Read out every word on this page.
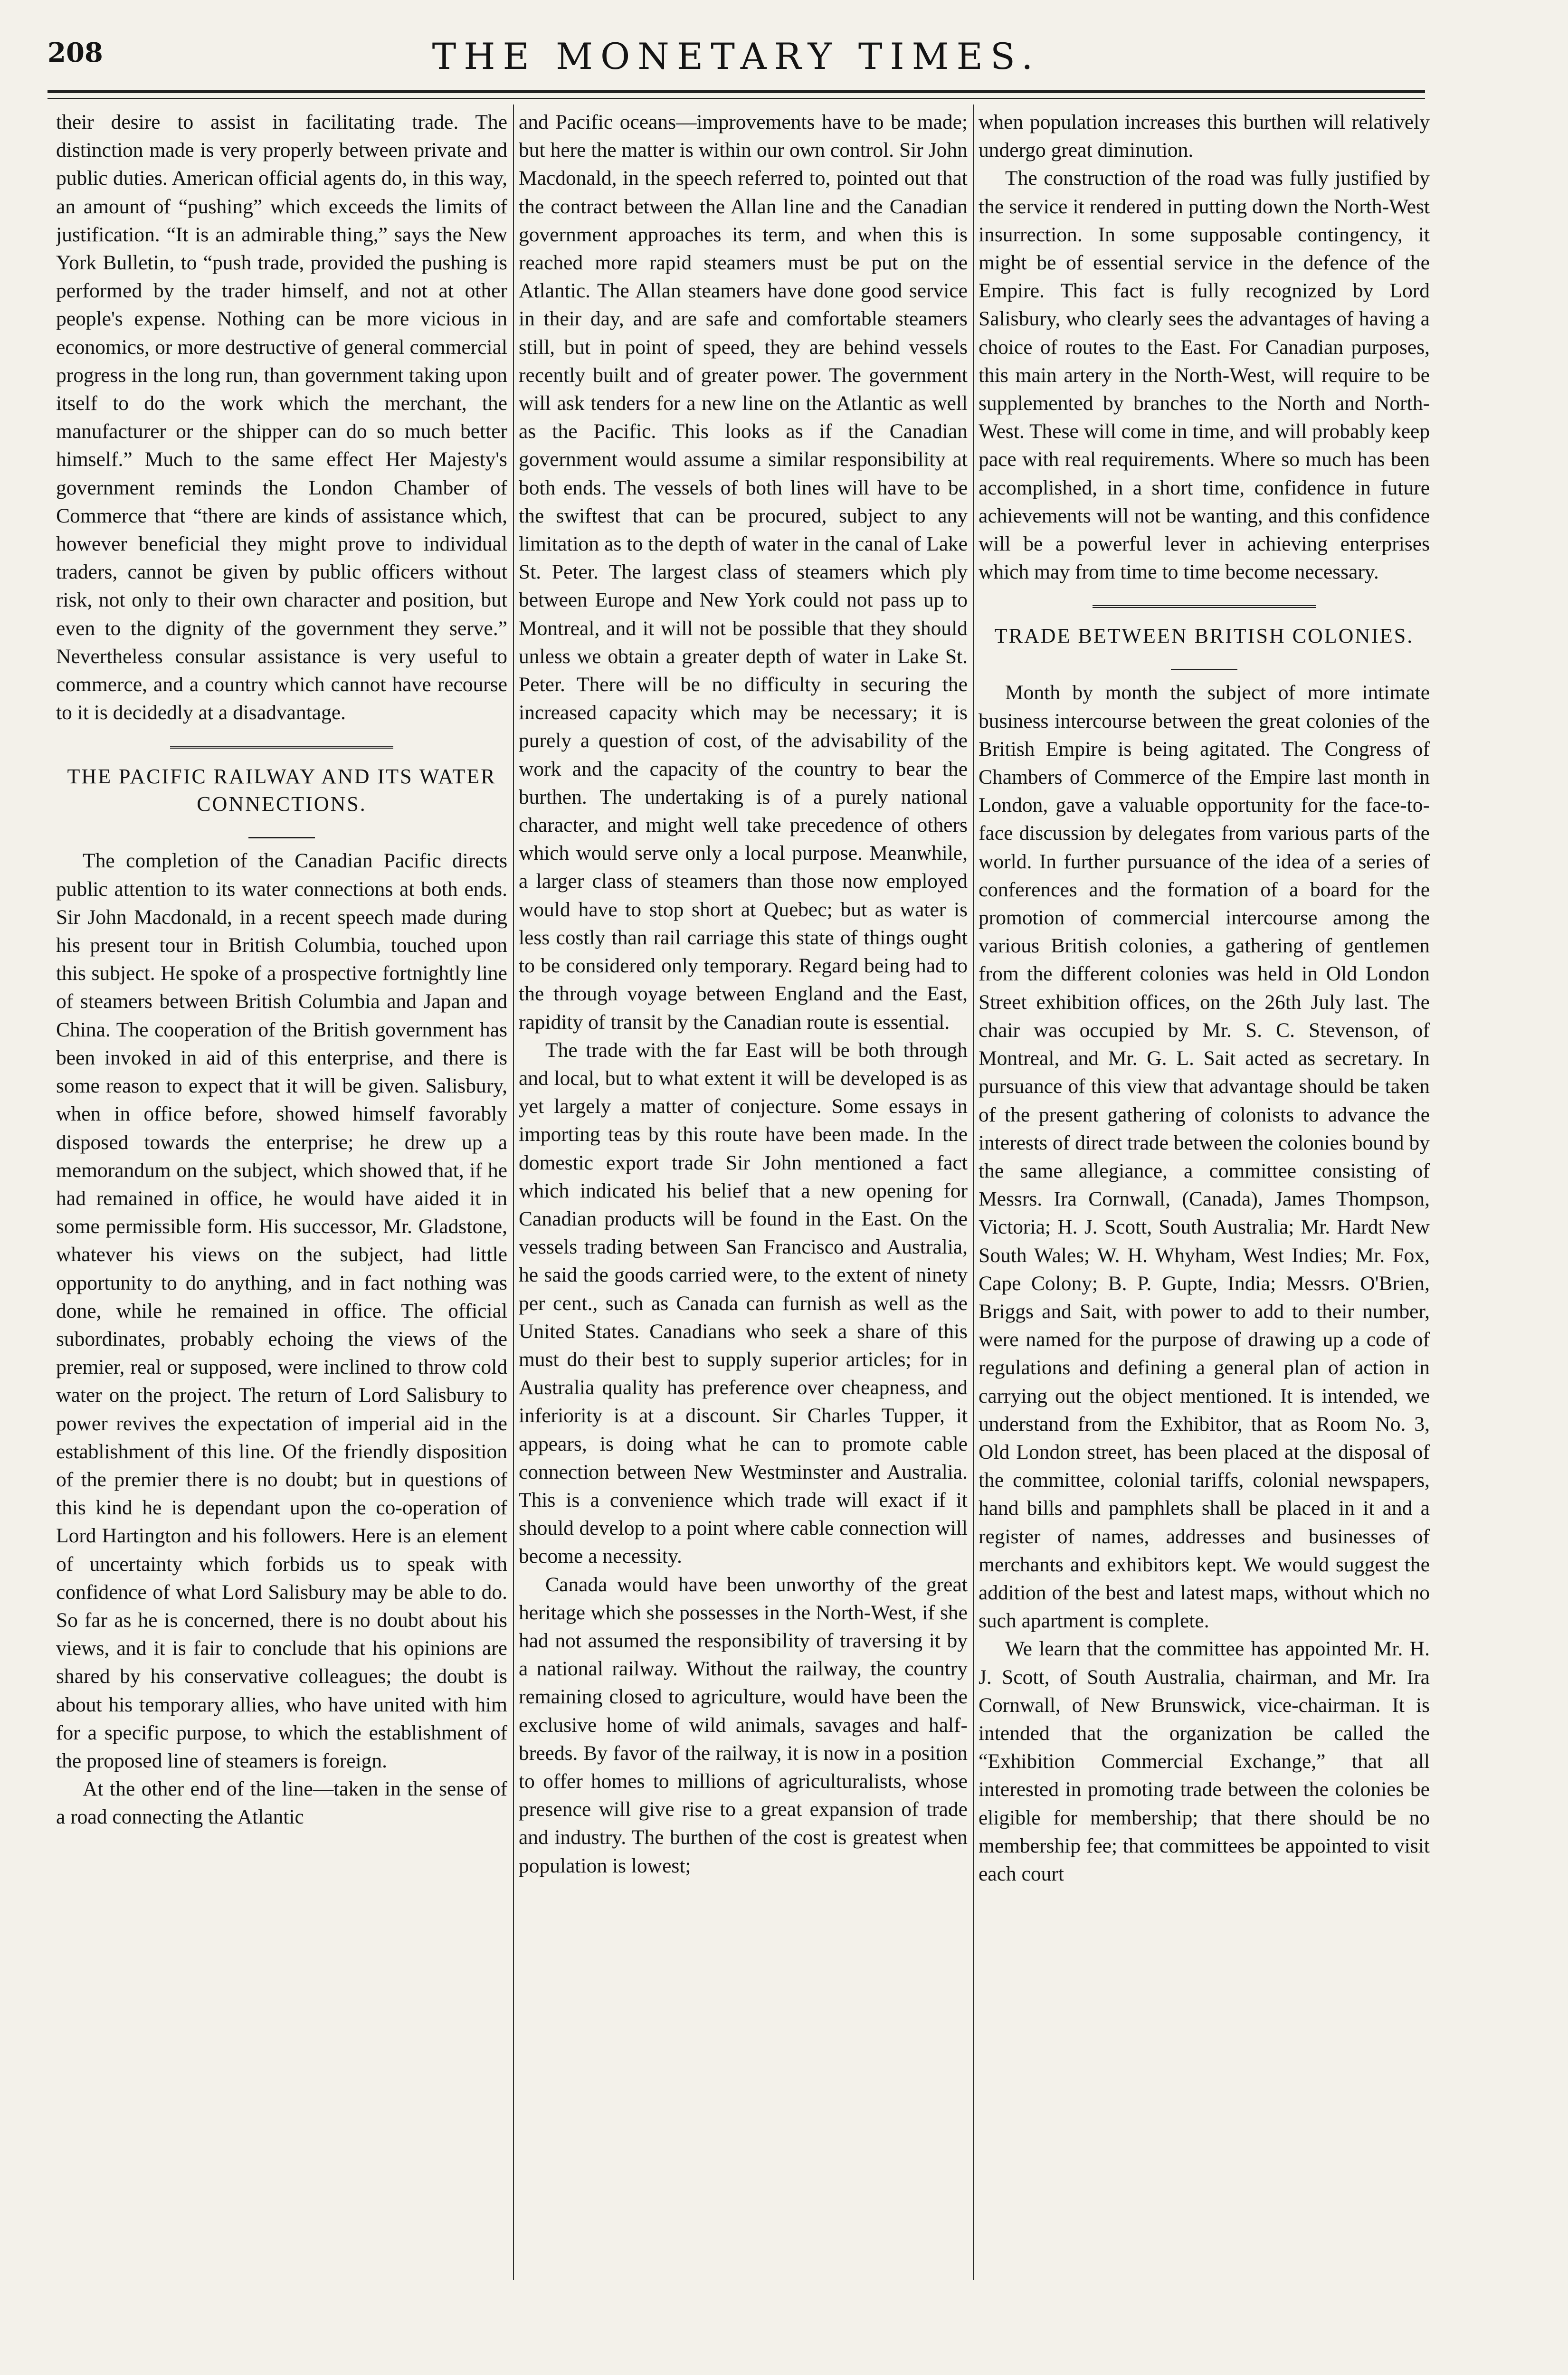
208	THE MONETARY TIMES.

their desire to assist in facilitating trade. The distinction made is very properly between private and public duties. American official agents do, in this way, an amount of “pushing” which exceeds the limits of justification. “It is an admirable thing,” says the New York Bulletin, to “push trade, provided the pushing is performed by the trader himself, and not at other people's expense. Nothing can be more vicious in economics, or more destructive of general commercial progress in the long run, than government taking upon itself to do the work which the merchant, the manufacturer or the shipper can do so much better himself.” Much to the same effect Her Majesty's government reminds the London Chamber of Commerce that “there are kinds of assistance which, however beneficial they might prove to individual traders, cannot be given by public officers without risk, not only to their own character and position, but even to the dignity of the government they serve.” Nevertheless consular assistance is very useful to commerce, and a country which cannot have recourse to it is decidedly at a disadvantage.

THE PACIFIC RAILWAY AND ITS WATER CONNECTIONS.

The completion of the Canadian Pacific directs public attention to its water connections at both ends. Sir John Macdonald, in a recent speech made during his present tour in British Columbia, touched upon this subject. He spoke of a prospective fortnightly line of steamers between British Columbia and Japan and China. The cooperation of the British government has been invoked in aid of this enterprise, and there is some reason to expect that it will be given. Salisbury, when in office before, showed himself favorably disposed towards the enterprise; he drew up a memorandum on the subject, which showed that, if he had remained in office, he would have aided it in some permissible form. His successor, Mr. Gladstone, whatever his views on the subject, had little opportunity to do anything, and in fact nothing was done, while he remained in office. The official subordinates, probably echoing the views of the premier, real or supposed, were inclined to throw cold water on the project. The return of Lord Salisbury to power revives the expectation of imperial aid in the establishment of this line. Of the friendly disposition of the premier there is no doubt; but in questions of this kind he is dependant upon the co-operation of Lord Hartington and his followers. Here is an element of uncertainty which forbids us to speak with confidence of what Lord Salisbury may be able to do. So far as he is concerned, there is no doubt about his views, and it is fair to conclude that his opinions are shared by his conservative colleagues; the doubt is about his temporary allies, who have united with him for a specific purpose, to which the establishment of the proposed line of steamers is foreign.

At the other end of the line—taken in the sense of a road connecting the Atlantic

and Pacific oceans—improvements have to be made; but here the matter is within our own control. Sir John Macdonald, in the speech referred to, pointed out that the contract between the Allan line and the Canadian government approaches its term, and when this is reached more rapid steamers must be put on the Atlantic. The Allan steamers have done good service in their day, and are safe and comfortable steamers still, but in point of speed, they are behind vessels recently built and of greater power. The government will ask tenders for a new line on the Atlantic as well as the Pacific. This looks as if the Canadian government would assume a similar responsibility at both ends. The vessels of both lines will have to be the swiftest that can be procured, subject to any limitation as to the depth of water in the canal of Lake St. Peter. The largest class of steamers which ply between Europe and New York could not pass up to Montreal, and it will not be possible that they should unless we obtain a greater depth of water in Lake St. Peter. There will be no difficulty in securing the increased capacity which may be necessary; it is purely a question of cost, of the advisability of the work and the capacity of the country to bear the burthen. The undertaking is of a purely national character, and might well take precedence of others which would serve only a local purpose. Meanwhile, a larger class of steamers than those now employed would have to stop short at Quebec; but as water is less costly than rail carriage this state of things ought to be considered only temporary. Regard being had to the through voyage between England and the East, rapidity of transit by the Canadian route is essential.

The trade with the far East will be both through and local, but to what extent it will be developed is as yet largely a matter of conjecture. Some essays in importing teas by this route have been made. In the domestic export trade Sir John mentioned a fact which indicated his belief that a new opening for Canadian products will be found in the East. On the vessels trading between San Francisco and Australia, he said the goods carried were, to the extent of ninety per cent., such as Canada can furnish as well as the United States. Canadians who seek a share of this must do their best to supply superior articles; for in Australia quality has preference over cheapness, and inferiority is at a discount. Sir Charles Tupper, it appears, is doing what he can to promote cable connection between New Westminster and Australia. This is a convenience which trade will exact if it should develop to a point where cable connection will become a necessity.

Canada would have been unworthy of the great heritage which she possesses in the North-West, if she had not assumed the responsibility of traversing it by a national railway. Without the railway, the country remaining closed to agriculture, would have been the exclusive home of wild animals, savages and half-breeds. By favor of the railway, it is now in a position to offer homes to millions of agriculturalists, whose presence will give rise to a great expansion of trade and industry. The burthen of the cost is greatest when population is lowest;

when population increases this burthen will relatively undergo great diminution.

The construction of the road was fully justified by the service it rendered in putting down the North-West insurrection. In some supposable contingency, it might be of essential service in the defence of the Empire. This fact is fully recognized by Lord Salisbury, who clearly sees the advantages of having a choice of routes to the East. For Canadian purposes, this main artery in the North-West, will require to be supplemented by branches to the North and North-West. These will come in time, and will probably keep pace with real requirements. Where so much has been accomplished, in a short time, confidence in future achievements will not be wanting, and this confidence will be a powerful lever in achieving enterprises which may from time to time become necessary.

TRADE BETWEEN BRITISH COLONIES.

Month by month the subject of more intimate business intercourse between the great colonies of the British Empire is being agitated. The Congress of Chambers of Commerce of the Empire last month in London, gave a valuable opportunity for the face-to-face discussion by delegates from various parts of the world. In further pursuance of the idea of a series of conferences and the formation of a board for the promotion of commercial intercourse among the various British colonies, a gathering of gentlemen from the different colonies was held in Old London Street exhibition offices, on the 26th July last. The chair was occupied by Mr. S. C. Stevenson, of Montreal, and Mr. G. L. Sait acted as secretary. In pursuance of this view that advantage should be taken of the present gathering of colonists to advance the interests of direct trade between the colonies bound by the same allegiance, a committee consisting of Messrs. Ira Cornwall, (Canada), James Thompson, Victoria; H. J. Scott, South Australia; Mr. Hardt New South Wales; W. H. Whyham, West Indies; Mr. Fox, Cape Colony; B. P. Gupte, India; Messrs. O'Brien, Briggs and Sait, with power to add to their number, were named for the purpose of drawing up a code of regulations and defining a general plan of action in carrying out the object mentioned. It is intended, we understand from the Exhibitor, that as Room No. 3, Old London street, has been placed at the disposal of the committee, colonial tariffs, colonial newspapers, hand bills and pamphlets shall be placed in it and a register of names, addresses and businesses of merchants and exhibitors kept. We would suggest the addition of the best and latest maps, without which no such apartment is complete.

We learn that the committee has appointed Mr. H. J. Scott, of South Australia, chairman, and Mr. Ira Cornwall, of New Brunswick, vice-chairman. It is intended that the organization be called the “Exhibition Commercial Exchange,” that all interested in promoting trade between the colonies be eligible for membership; that there should be no membership fee; that committees be appointed to visit each court
